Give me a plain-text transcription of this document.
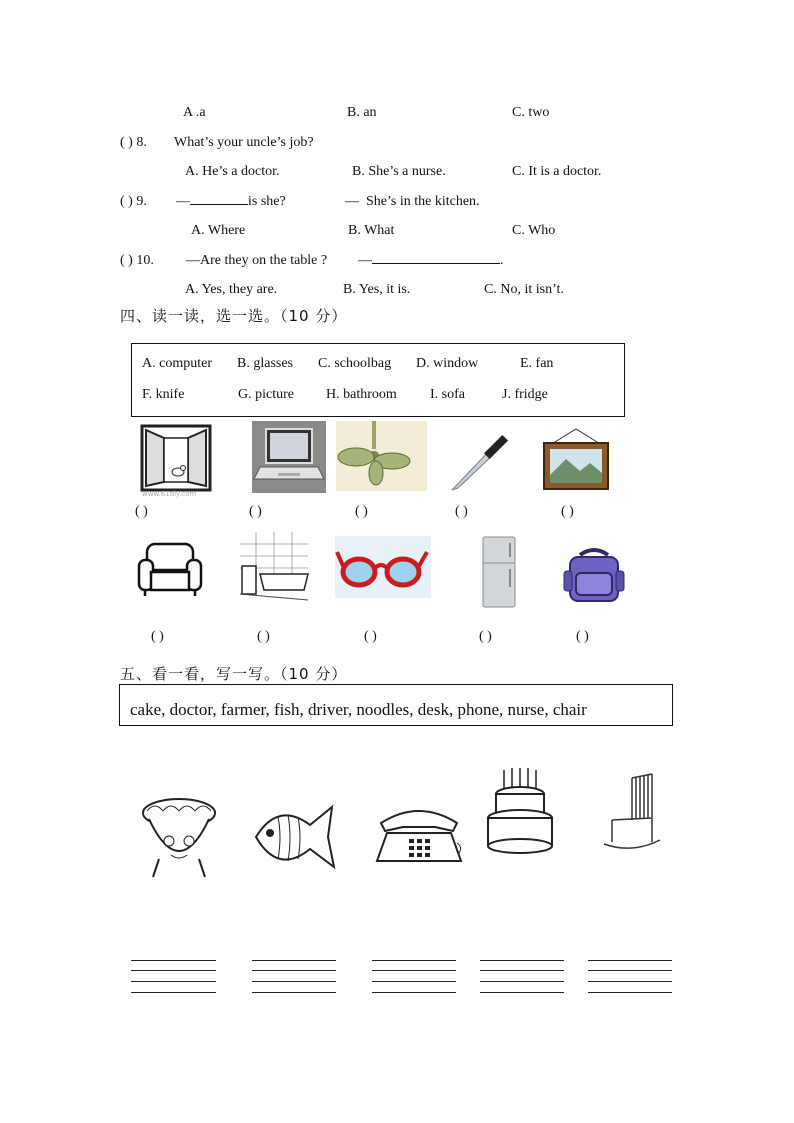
A .a	B. an	C. two
( ) 8. What’s your uncle’s job?
A. He’s a doctor.	B. She’s a nurse.	C. It is a doctor.
( ) 9. —	is she?	— She’s in the kitchen.
A. Where	B. What	C. Who
( ) 10. —Are they on the table ? —	.
A. Yes, they are.	B. Yes, it is.	C. No, it isn’t.
四、读一读，选一选。（10 分）
A. computer B. glasses C. schoolbag D. window	E. fan
F. knife	G. picture H. bathroom I. sofa	J. fridge
www.61dly.com
( )	( )	( )	( )	( )
( )	( )	( )	( )	( )
五、看一看，写一写。（10 分）
cake, doctor, farmer, fish, driver, noodles, desk, phone, nurse, chair
